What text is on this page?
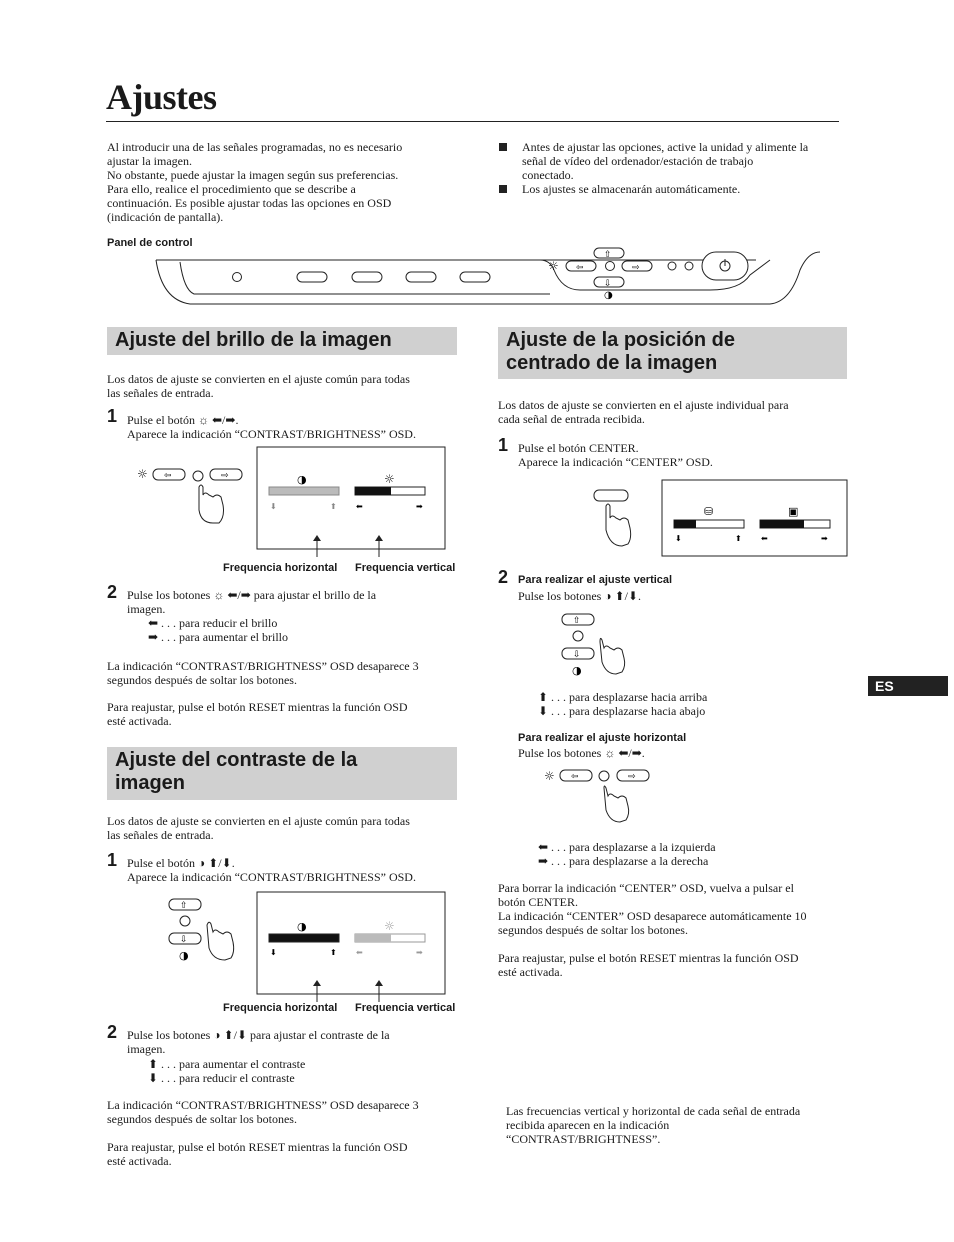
Ajustes
Al introducir una de las señales programadas, no es necesario
ajustar la imagen.
No obstante, puede ajustar la imagen según sus preferencias.
Para ello, realice el procedimiento que se describe a
continuación. Es posible ajustar todas las opciones en OSD
(indicación de pantalla).
Antes de ajustar las opciones, active la unidad y alimente la
señal de vídeo del ordenador/estación de trabajo
conectado.
Los ajustes se almacenarán automáticamente.
Panel de control
☼
⇧
⇦	⇨
⇩
◑
Ajuste del brillo de la imagen
Los datos de ajuste se convierten en el ajuste común para todas
las señales de entrada.
1 Pulse el botón ☼ ⬅/➡.
Aparece la indicación “CONTRAST/BRIGHTNESS” OSD.
☼ ⇦	⇨	◑	☼
⬇	⬆ ⬅	➡
Frequencia horizontal Frequencia vertical
2 Pulse los botones ☼ ⬅/➡ para ajustar el brillo de la
imagen.
⬅ . . . para reducir el brillo
➡ . . . para aumentar el brillo
La indicación “CONTRAST/BRIGHTNESS” OSD desaparece 3
segundos después de soltar los botones.
Para reajustar, pulse el botón RESET mientras la función OSD
esté activada.
Ajuste del contraste de la
imagen
Los datos de ajuste se convierten en el ajuste común para todas
las señales de entrada.
1 Pulse el botón ◑ ⬆/⬇.
Aparece la indicación “CONTRAST/BRIGHTNESS” OSD.
⇧
⇩
◑
◑	☼
⬇	⬆ ⬅	➡
Frequencia horizontal Frequencia vertical
2 Pulse los botones ◑ ⬆/⬇ para ajustar el contraste de la
imagen.
⬆ . . . para aumentar el contraste
⬇ . . . para reducir el contraste
La indicación “CONTRAST/BRIGHTNESS” OSD desaparece 3
segundos después de soltar los botones.
Para reajustar, pulse el botón RESET mientras la función OSD
esté activada.
Ajuste de la posición de
centrado de la imagen
Los datos de ajuste se convierten en el ajuste individual para
cada señal de entrada recibida.
1 Pulse el botón CENTER.
Aparece la indicación “CENTER” OSD.
⛁	▣
⬇	⬆ ⬅	➡
2 Para realizar el ajuste vertical
Pulse los botones ◑ ⬆/⬇.
⇧
⇩
◑
⬆ . . . para desplazarse hacia arriba
⬇ . . . para desplazarse hacia abajo
Para realizar el ajuste horizontal
Pulse los botones ☼ ⬅/➡.
☼ ⇦	⇨
⬅ . . . para desplazarse a la izquierda
➡ . . . para desplazarse a la derecha
Para borrar la indicación “CENTER” OSD, vuelva a pulsar el
botón CENTER.
La indicación “CENTER” OSD desaparece automáticamente 10
segundos después de soltar los botones.
Para reajustar, pulse el botón RESET mientras la función OSD
esté activada.
Las frecuencias vertical y horizontal de cada señal de entrada
recibida aparecen en la indicación
“CONTRAST/BRIGHTNESS”.
ES
